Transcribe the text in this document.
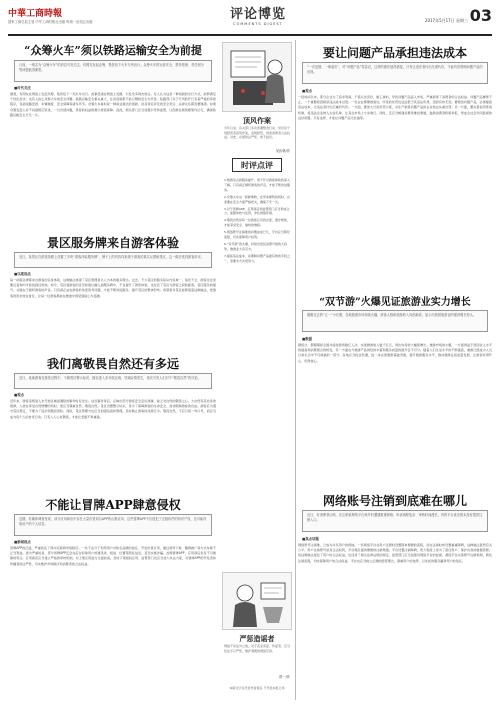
中華工商時報
国家工商总局主管 中华工商时报社出版 每周一至周五出版	评论博览
COMMENTS DIGEST
2017年5月17日 星期三 03
“众筹火车”须以铁路运输安全为前提
日前，一则名为“众筹火车”的消息引发关注。有网友发起众筹，集资包下火车专列出行。众筹火车的运营安全、票务管理、责任划分等问题值得深思。
■时代关注
据悉，有网友在网络上发起众筹，集资包下一列火车出行。此事迅速在网络上发酵，引发众多网友热议。有人认为这是一种创新的出行方式，能够满足个性化需求；也有人担心众筹火车的安全问题。铁路运输安全事关重大，任何创新都不能以牺牲安全为代价。铁路部门对于专列的开行有着严格的审批程序，包括线路安排、车辆调度、安全保障等诸多环节。众筹火车看似是一种商业模式的创新，但其背后涉及的安全责任、法律关系都需要厘清。如果众筹发起人并不具备相应资质，一旦出现问题，乘客的权益将难以得到保障。因此，相关部门应当加强引导和监管，让创新在规则框架内运行，确保铁路运输安全万无一失。
景区服务牌来自游客体验
近日，某景区在游览线路上设置了多块“游客体验服务牌”，牌子上的内容均来源于游客的真实反馈和建议，这一做法受到游客好评。
■以案说法
每一块服务牌都来自游客的亲身体验，这种做法体现了景区管理者以人为本的服务理念。过去，不少景区的服务标识内容单一，信息不全，游客往往需要反复询问才能找到目的地。如今，景区将游客的意见和建议融入到服务牌中，不仅提升了游览体验，也拉近了景区与游客之间的距离。景区服务的提升，关键在于倾听游客的声音。只有真正站在游客的角度思考问题，才能不断改进服务，提升景区的整体形象。希望更多景区能够借鉴这种做法，把游客的需求放在首位，让每一位游客都能在旅途中感受到贴心与温暖。
我们离敬畏自然还有多远
近日，某地游客在游览过程中，不顾景区警示标识，擅自进入未开放区域，导致险情发生，再次引发人们对于“敬畏自然”的讨论。
■观点
近年来，游客违规进入未开放区域而遇险的事件时有发生。这些事件背后，反映出部分游客安全意识淡薄、缺乏对自然的敬畏之心。大自然有其自身的规律，人类在享受自然馈赠的同时，更应当尊重自然、敬畏自然。景区设置警示标识，是为了保障游客的生命安全，而非限制游客的自由。游客应当遵守景区规定，不要为了追求刺激而冒险。同时，景区管理方也应当加强巡查和管理，及时制止游客的违规行为。敬畏自然，不应只是一句口号，而应当成为每个人的自觉行动。只有人人心存敬畏，才能让悲剧不再重演。
不能让冒牌APP肆意侵权
近期，有媒体调查发现，部分应用商店中存在大量仿冒知名APP的山寨应用，这些冒牌APP不仅侵犯了正版软件的知识产权，还可能窃取用户的个人信息。
■新闻视点
冒牌APP的泛滥，严重扰乱了移动互联网市场秩序。一些不法分子利用用户对知名品牌的信任，开发仿冒应用，通过诱导下载、捆绑推广等方式牟取不正当利益。更为严重的是，部分冒牌APP还会在后台窃取用户的通讯录、短信、位置等隐私信息，甚至实施诈骗。治理冒牌APP，应用商店负有不可推卸的责任。应用商店应当建立严格的审核机制，对上架应用进行全面检查，及时下架侵权应用。监管部门也应当加大执法力度，对冒牌APP的开发者和传播者依法严惩，切实维护市场秩序和消费者的合法权益。
顶风作案
今年以来，有关部门多次部署整治行动，但仍有个别经营者顶风作案，违规经营，侵害消费者合法权益。对此，必须依法严惩，绝不姑息。
吴汝林/作
时评点评

1.旅游景点的服务提升，离不开对游客体验的深入了解，只有真正倾听游客的声音，才能不断改进服务。

2.众筹火车这一新鲜事物，在带来便利的同时，也需要在安全方面严格把关，确保万无一失。

3.对于冒牌APP，应用商店和监管部门应当形成合力，加强审核与处罚，净化网络环境。

4.敬畏自然是每一位游客应有的态度，遵守规则，才能享受安全、愉快的旅程。

5.网络账号注销难的问题由来已久，平台应当简化流程，切实保障用户权利。

6.“双节游”的火爆，折射出居民消费升级的大趋势，旅游业大有可为。

7.提高违法成本，是遏制问题产品最有效的手段之一，需要多方共同努力。

严惩造谣者
网络不是法外之地，对于恶意造谣、传谣者，应当依法予以严惩，维护清朗的网络空间。
曾一/作
本版文字仅代表作者观点 不代表本报立场
要让问题产品承担违法成本
“一次犯错，一律退市”，对“问题产品”零容忍，这样的做法值得借鉴。只有让违法者付出沉重代价，才能有效遏制问题产品的出现。
■观点
一段时间以来，部分企业为了追求利润，不惜以次充好、偷工减料，导致问题产品流入市场，严重损害了消费者的合法权益。问题产品屡禁不止，一个重要原因就是违法成本过低。一些企业即便被查处，所受的处罚也远远低于其违法所得，因而有恃无恐。要根治问题产品，必须提高违法成本，让违法者付出沉重的代价。一方面，要加大行政处罚力度，对生产销售问题产品的企业依法从重处罚；另一方面，要完善信用惩戒机制，将违法企业纳入失信名单，让其在市场上寸步难行。同时，还应当畅通消费者维权渠道，鼓励消费者积极举报，形成全社会共同监督的良好氛围。只有这样，才能让问题产品无处遁形。
“双节游”火爆见证旅游业实力增长
刚刚过去的“五一”小长假，各地旅游市场持续火爆，游客人数和旅游收入均创新高，显示出我国旅游业的强劲增长势头。
■数据
据统计，假期期间全国共接待游客数亿人次，实现旅游收入数千亿元，同比均有较大幅度增长。旅游市场的火爆，一方面得益于居民收入水平的提高和消费观念的转变，另一方面也与旅游产品供给的丰富和服务质量的提升密不可分。随着人们生活水平的不断提高，旅游已经成为人们日常生活中不可或缺的一部分。各地应当抓住机遇，进一步完善旅游基础设施，提升旅游服务水平，推动旅游业高质量发展，让游客玩得开心、玩得放心。
网络账号注销到底难在哪儿
近日，有消费者反映，在注销某网络平台账号时遭遇重重困难，申请流程复杂、审核时间漫长，有的平台甚至根本没有提供注销入口。
■焦点话题
网络账号注销难，已成为许多用户的烦恼。一些网络平台在用户注册时设置简单便捷的流程，而在注销时却设置重重障碍，这种做法显然有失公平。用户注销账号是其合法权利，平台理应提供便捷的注销渠道。平台设置注销障碍，很大程度上是为了留住用户、保护自身的数据资源。但这种做法侵犯了用户的合法权益，也违背了相关法律法规的规定。监管部门应当加强对网络平台的监督，督促平台完善账号注销机制，简化注销流程，切实保障用户的合法权益。平台也应当树立正确的经营理念，尊重用户的选择，以优质的服务赢得用户的信任。
